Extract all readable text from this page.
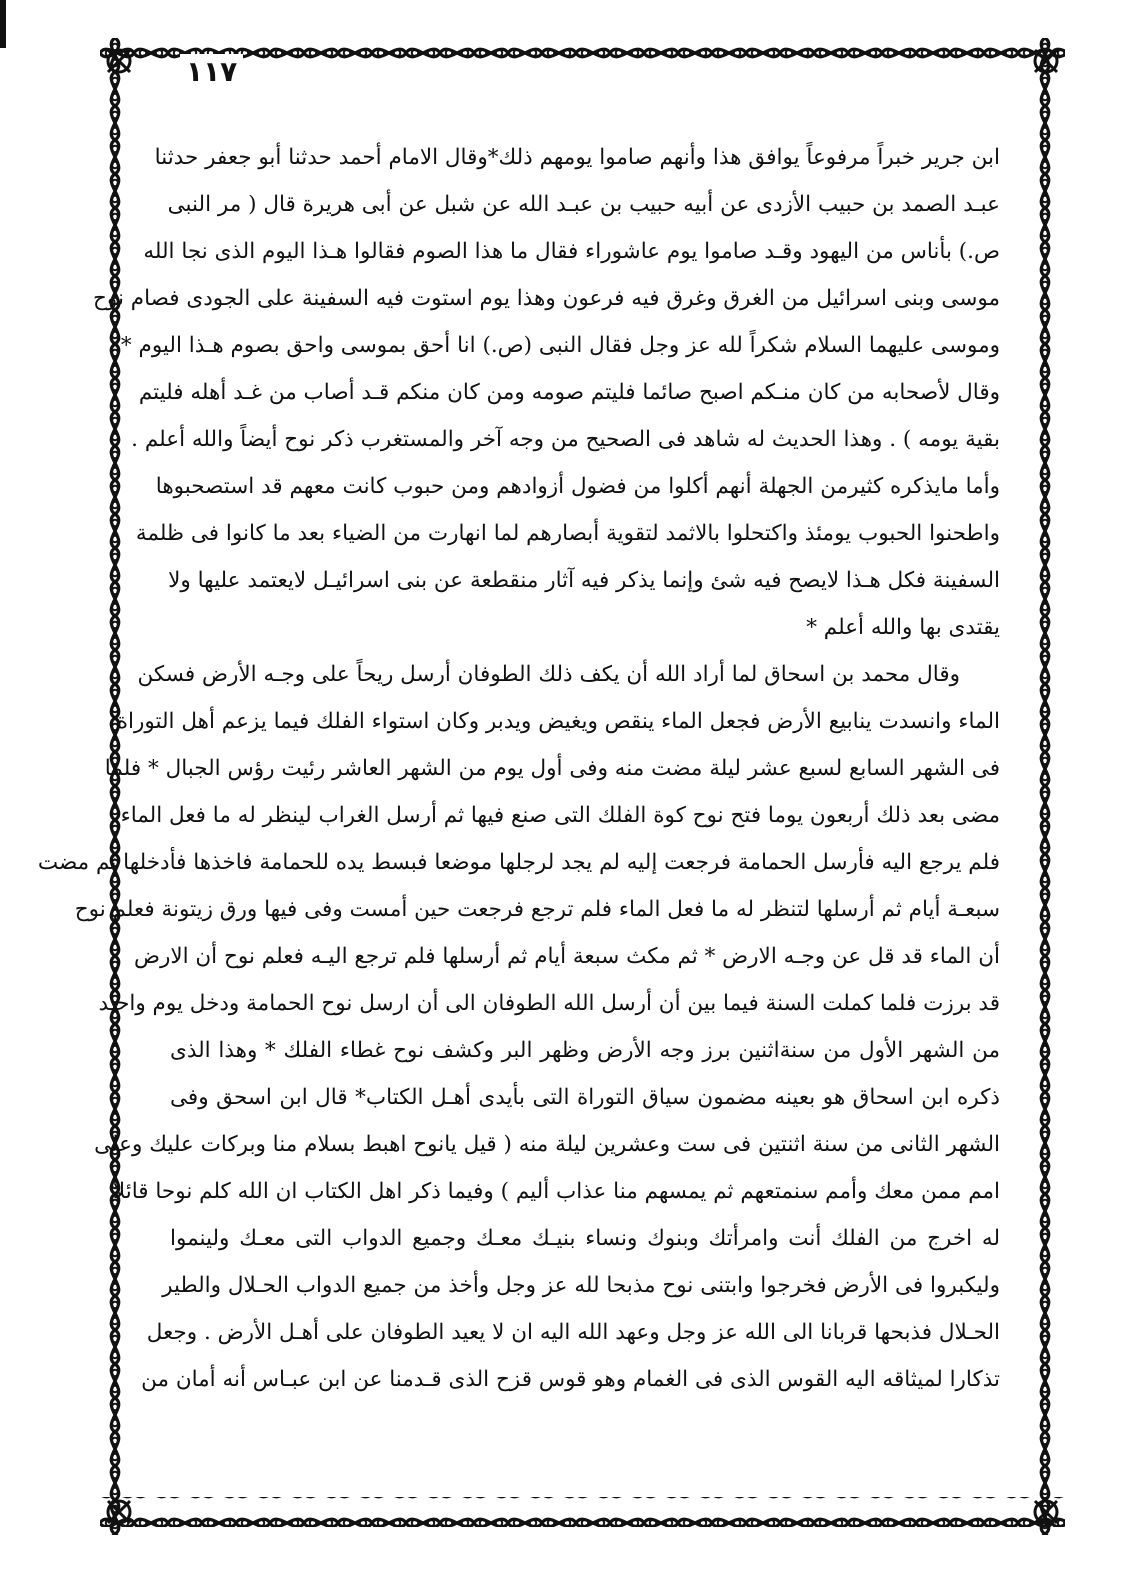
١١٧
ابن جرير خبراً مرفوعاً يوافق هذا وأنهم صاموا يومهم ذلك*وقال الامام أحمد حدثنا أبو جعفر حدثنا
عبـد الصمد بن حبيب الأزدى عن أبيه حبيب بن عبـد الله عن شبل عن أبى هريرة قال ( مر النبى
ص.) بأناس من اليهود وقـد صاموا يوم عاشوراء فقال ما هذا الصوم فقالوا هـذا اليوم الذى نجا الله
موسى وبنى اسرائيل من الغرق وغرق فيه فرعون وهذا يوم استوت فيه السفينة على الجودى فصام نوح
وموسى عليهما السلام شكراً لله عز وجل فقال النبى (ص.) انا أحق بموسى واحق بصوم هـذا اليوم *
وقال لأصحابه من كان منـكم اصبح صائما فليتم صومه ومن كان منكم قـد أصاب من غـد أهله فليتم
بقية يومه ) . وهذا الحديث له شاهد فى الصحيح من وجه آخر والمستغرب ذكر نوح أيضاً والله أعلم .
وأما مايذكره كثيرمن الجهلة أنهم أكلوا من فضول أزوادهم ومن حبوب كانت معهم قد استصحبوها
واطحنوا الحبوب يومئذ واكتحلوا بالاثمد لتقوية أبصارهم لما انهارت من الضياء بعد ما كانوا فى ظلمة
السفينة فكل هـذا لايصح فيه شئ وإنما يذكر فيه آثار منقطعة عن بنى اسرائيـل لايعتمد عليها ولا
يقتدى بها والله أعلم *
وقال محمد بن اسحاق لما أراد الله أن يكف ذلك الطوفان أرسل ريحاً على وجـه الأرض فسكن
الماء وانسدت ينابيع الأرض فجعل الماء ينقص ويغيض ويدبر وكان استواء الفلك فيما يزعم أهل التوراة
فى الشهر السابع لسبع عشر ليلة مضت منه وفى أول يوم من الشهر العاشر رئيت رؤس الجبال * فلما
مضى بعد ذلك أربعون يوما فتح نوح كوة الفلك التى صنع فيها ثم أرسل الغراب لينظر له ما فعل الماء
فلم يرجع اليه فأرسل الحمامة فرجعت إليه لم يجد لرجلها موضعا فبسط يده للحمامة فاخذها فأدخلها ثم مضت
سبعـة أيام ثم أرسلها لتنظر له ما فعل الماء فلم ترجع فرجعت حين أمست وفى فيها ورق زيتونة فعلم نوح
أن الماء قد قل عن وجـه الارض * ثم مكث سبعة أيام ثم أرسلها فلم ترجع اليـه فعلم نوح أن الارض
قد برزت فلما كملت السنة فيما بين أن أرسل الله الطوفان الى أن ارسل نوح الحمامة ودخل يوم واحـد
من الشهر الأول من سنةاثنين برز وجه الأرض وظهر البر وكشف نوح غطاء الفلك * وهذا الذى
ذكره ابن اسحاق هو بعينه مضمون سياق التوراة التى بأيدى أهـل الكتاب* قال ابن اسحق وفى
الشهر الثانى من سنة اثنتين فى ست وعشرين ليلة منه ( قيل يانوح اهبط بسلام منا وبركات عليك وعلى
امم ممن معك وأمم سنمتعهم ثم يمسهم منا عذاب أليم ) وفيما ذكر اهل الكتاب ان الله كلم نوحا قائلا
له اخرج من الفلك أنت وامرأتك وبنوك ونساء بنيـك معـك وجميع الدواب التى معـك ولينموا
وليكبروا فى الأرض فخرجوا وابتنى نوح مذبحا لله عز وجل وأخذ من جميع الدواب الحـلال والطير
الحـلال فذبحها قربانا الى الله عز وجل وعهد الله اليه ان لا يعيد الطوفان على أهـل الأرض . وجعل
تذكارا لميثاقه اليه القوس الذى فى الغمام وهو قوس قزح الذى قـدمنا عن ابن عبـاس أنه أمان من
